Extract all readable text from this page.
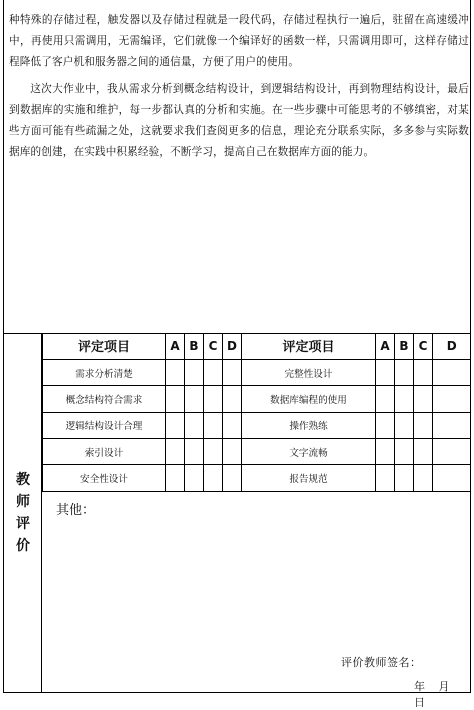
种特殊的存储过程，触发器以及存储过程就是一段代码，存储过程执行一遍后，驻留在高速缓冲中，再使用只需调用，无需编译，它们就像一个编译好的函数一样，只需调用即可，这样存储过程降低了客户机和服务器之间的通信量，方便了用户的使用。

这次大作业中，我从需求分析到概念结构设计，到逻辑结构设计，再到物理结构设计，最后到数据库的实施和维护，每一步都认真的分析和实施。在一些步骤中可能思考的不够缜密，对某些方面可能有些疏漏之处，这就要求我们查阅更多的信息，理论充分联系实际，多多参与实际数据库的创建，在实践中积累经验，不断学习，提高自己在数据库方面的能力。

教
师
评
价
评定项目	A	B	C	D	评定项目	A	B	C	D
需求分析清楚					完整性设计				
概念结构符合需求					数据库编程的使用				
逻辑结构设计合理					操作熟练				
索引设计					文字流畅				
安全性设计					报告规范				
其他：
评价教师签名：
年 月 日
